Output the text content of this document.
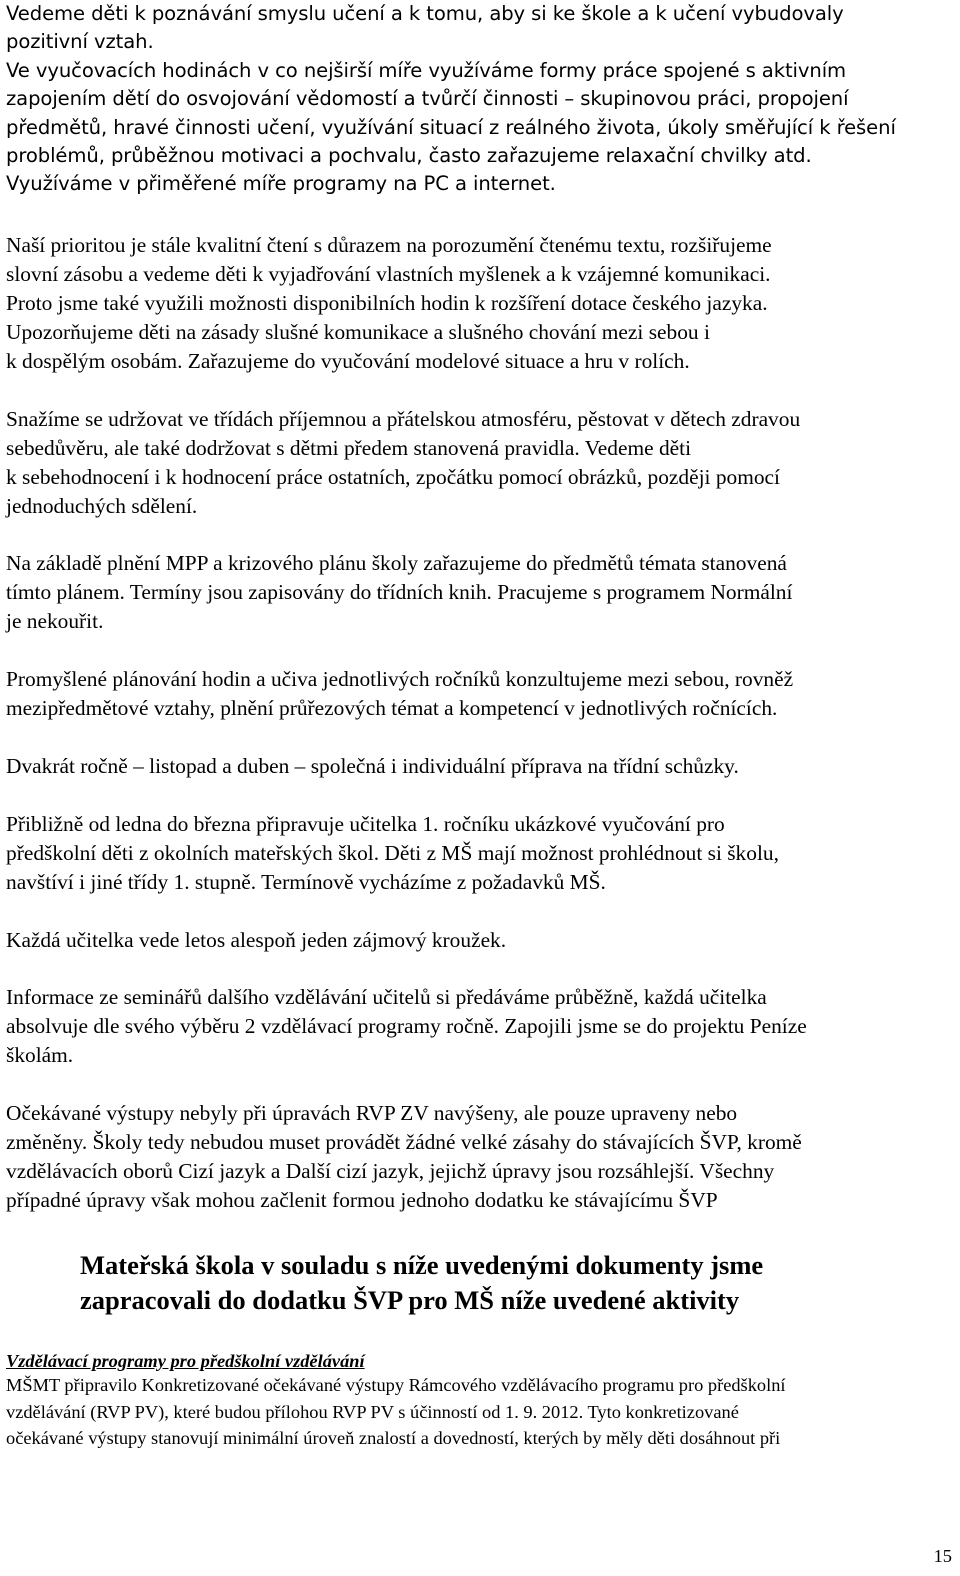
Vedeme děti k poznávání smyslu učení a k tomu, aby si ke škole a k učení vybudovaly
pozitivní vztah.
Ve vyučovacích hodinách v co nejširší míře využíváme formy práce spojené s aktivním
zapojením dětí do osvojování vědomostí a tvůrčí činnosti – skupinovou práci, propojení
předmětů, hravé činnosti učení, využívání situací z reálného života, úkoly směřující k řešení
problémů, průběžnou motivaci a pochvalu, často zařazujeme relaxační chvilky atd.
Využíváme v přiměřené míře programy na PC a internet.
Naší prioritou je stále kvalitní čtení s důrazem na porozumění čtenému textu, rozšiřujeme
slovní zásobu a vedeme děti k vyjadřování vlastních myšlenek a k vzájemné komunikaci.
Proto jsme také využili možnosti disponibilních hodin k rozšíření dotace českého jazyka.
Upozorňujeme děti na zásady slušné komunikace a slušného chování mezi sebou i
k dospělým osobám. Zařazujeme do vyučování modelové situace a hru v rolích.
Snažíme se udržovat ve třídách příjemnou a přátelskou atmosféru, pěstovat v dětech zdravou
sebedůvěru, ale také dodržovat s dětmi předem stanovená pravidla. Vedeme děti
k sebehodnocení i k hodnocení práce ostatních, zpočátku pomocí obrázků, později pomocí
jednoduchých sdělení.
Na základě plnění MPP a krizového plánu školy zařazujeme do předmětů témata stanovená
tímto plánem. Termíny jsou zapisovány do třídních knih. Pracujeme s programem Normální
je nekouřit.
Promyšlené plánování hodin a učiva jednotlivých ročníků konzultujeme mezi sebou, rovněž
mezipředmětové vztahy, plnění průřezových témat a kompetencí v jednotlivých ročnících.
Dvakrát ročně – listopad a duben – společná i individuální příprava na třídní schůzky.
Přibližně od ledna do března připravuje učitelka 1. ročníku ukázkové vyučování pro
předškolní děti z okolních mateřských škol. Děti z MŠ mají možnost prohlédnout si školu,
navštíví i jiné třídy 1. stupně. Termínově vycházíme z požadavků MŠ.
Každá učitelka vede letos alespoň jeden zájmový kroužek.
Informace ze seminářů dalšího vzdělávání učitelů si předáváme průběžně, každá učitelka
absolvuje dle svého výběru 2 vzdělávací programy ročně. Zapojili jsme se do projektu Peníze
školám.
Očekávané výstupy nebyly při úpravách RVP ZV navýšeny, ale pouze upraveny nebo
změněny. Školy tedy nebudou muset provádět žádné velké zásahy do stávajících ŠVP, kromě
vzdělávacích oborů Cizí jazyk a Další cizí jazyk, jejichž úpravy jsou rozsáhlejší. Všechny
případné úpravy však mohou začlenit formou jednoho dodatku ke stávajícímu ŠVP
Mateřská škola v souladu s níže uvedenými dokumenty jsme
zapracovali do dodatku ŠVP pro MŠ níže uvedené aktivity
Vzdělávací programy pro předškolní vzdělávání
MŠMT připravilo Konkretizované očekávané výstupy Rámcového vzdělávacího programu pro předškolní
vzdělávání (RVP PV), které budou přílohou RVP PV s účinností od 1. 9. 2012. Tyto konkretizované
očekávané výstupy stanovují minimální úroveň znalostí a dovedností, kterých by měly děti dosáhnout při
15
